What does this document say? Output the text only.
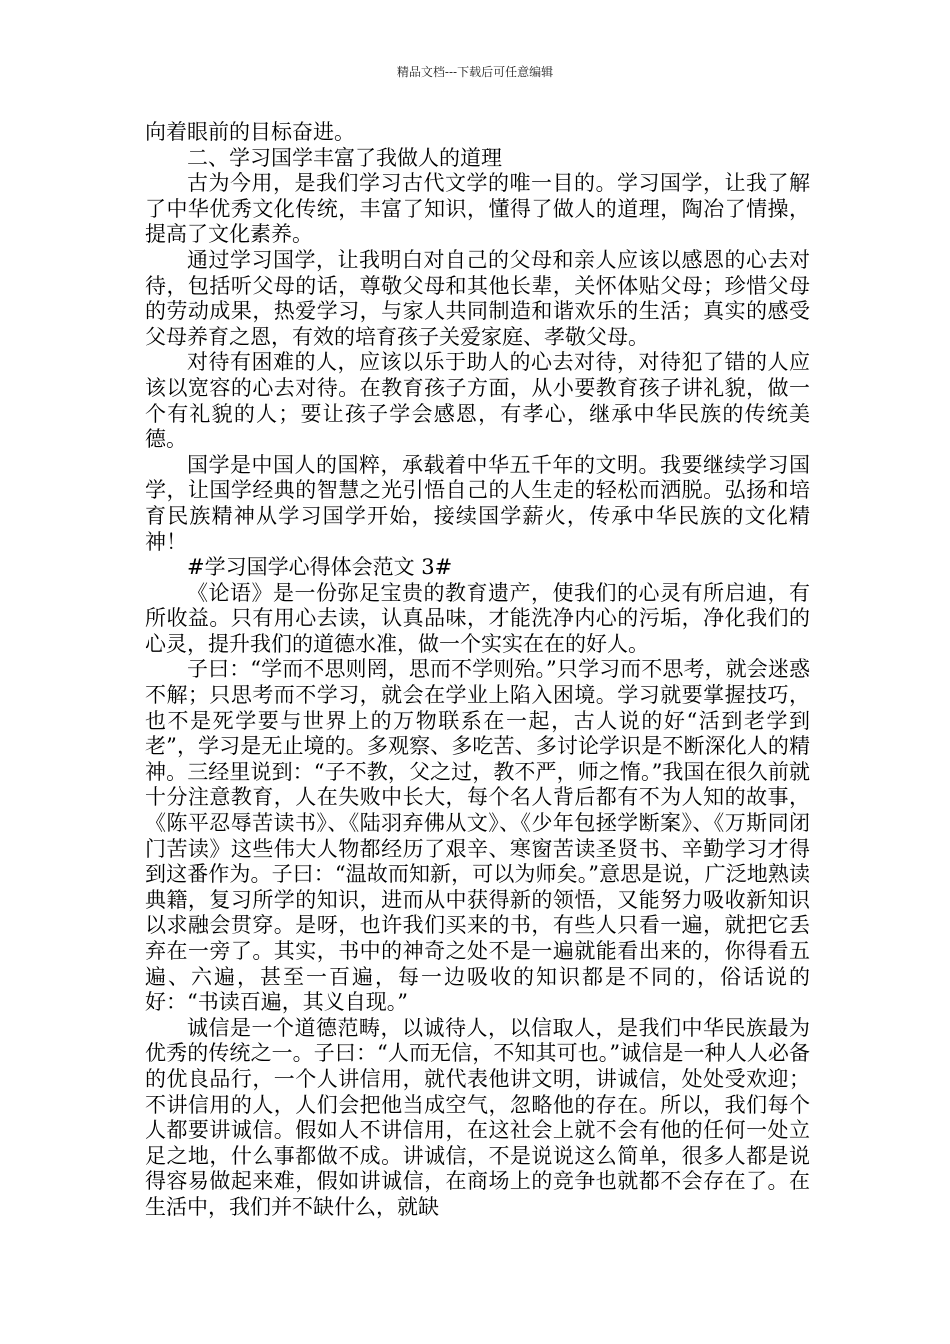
精品文档---下载后可任意编辑

向着眼前的目标奋进。

二、学习国学丰富了我做人的道理

古为今用，是我们学习古代文学的唯一目的。学习国学，让我了解了中华优秀文化传统，丰富了知识，懂得了做人的道理，陶冶了情操，提高了文化素养。

通过学习国学，让我明白对自己的父母和亲人应该以感恩的心去对待，包括听父母的话，尊敬父母和其他长辈，关怀体贴父母；珍惜父母的劳动成果，热爱学习，与家人共同制造和谐欢乐的生活；真实的感受父母养育之恩，有效的培育孩子关爱家庭、孝敬父母。

对待有困难的人，应该以乐于助人的心去对待，对待犯了错的人应该以宽容的心去对待。在教育孩子方面，从小要教育孩子讲礼貌，做一个有礼貌的人；要让孩子学会感恩，有孝心，继承中华民族的传统美德。

国学是中国人的国粹，承载着中华五千年的文明。我要继续学习国学，让国学经典的智慧之光引悟自己的人生走的轻松而洒脱。弘扬和培育民族精神从学习国学开始，接续国学薪火，传承中华民族的文化精神！

#学习国学心得体会范文 3#

《论语》是一份弥足宝贵的教育遗产，使我们的心灵有所启迪，有所收益。只有用心去读，认真品味，才能洗净内心的污垢，净化我们的心灵，提升我们的道德水准，做一个实实在在的好人。

子曰：“学而不思则罔，思而不学则殆。”只学习而不思考，就会迷惑不解；只思考而不学习，就会在学业上陷入困境。学习就要掌握技巧，也不是死学要与世界上的万物联系在一起，古人说的好“活到老学到老”，学习是无止境的。多观察、多吃苦、多讨论学识是不断深化人的精神。三经里说到：“子不教，父之过，教不严，师之惰。”我国在很久前就十分注意教育，人在失败中长大，每个名人背后都有不为人知的故事，《陈平忍辱苦读书》、《陆羽弃佛从文》、《少年包拯学断案》、《万斯同闭门苦读》这些伟大人物都经历了艰辛、寒窗苦读圣贤书、辛勤学习才得到这番作为。子曰：“温故而知新，可以为师矣。”意思是说，广泛地熟读典籍，复习所学的知识，进而从中获得新的领悟，又能努力吸收新知识以求融会贯穿。是呀，也许我们买来的书，有些人只看一遍，就把它丢弃在一旁了。其实，书中的神奇之处不是一遍就能看出来的，你得看五遍、六遍，甚至一百遍，每一边吸收的知识都是不同的，俗话说的好：“书读百遍，其义自现。”

诚信是一个道德范畴，以诚待人，以信取人，是我们中华民族最为优秀的传统之一。子曰：“人而无信，不知其可也。”诚信是一种人人必备的优良品行，一个人讲信用，就代表他讲文明，讲诚信，处处受欢迎；不讲信用的人，人们会把他当成空气，忽略他的存在。所以，我们每个人都要讲诚信。假如人不讲信用，在这社会上就不会有他的任何一处立足之地，什么事都做不成。讲诚信，不是说说这么简单，很多人都是说得容易做起来难，假如讲诚信，在商场上的竞争也就都不会存在了。在生活中，我们并不缺什么，就缺
